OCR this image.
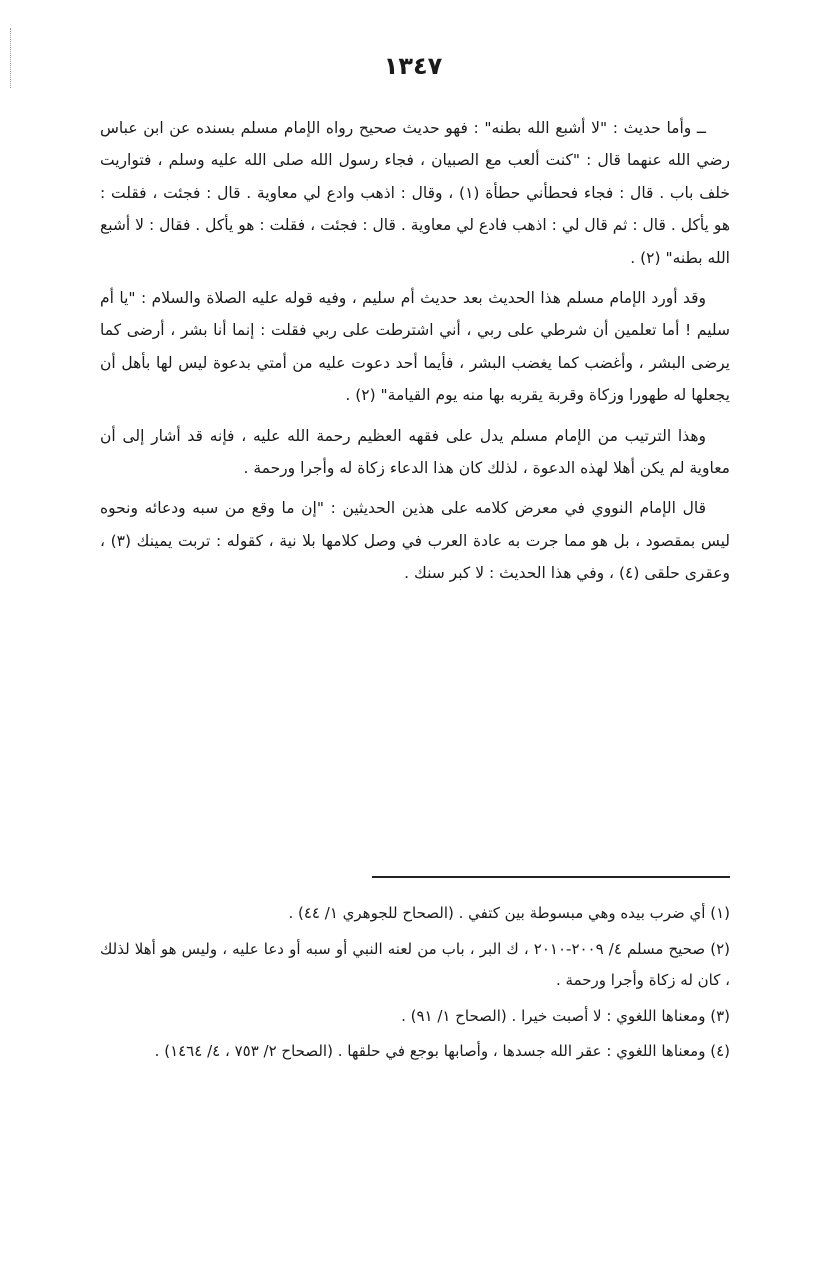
١٣٤٧

ــ وأما حديث : "لا أشبع الله بطنه" : فهو حديث صحيح رواه الإمام مسلم بسنده عن ابن عباس رضي الله عنهما قال : "كنت ألعب مع الصبيان ، فجاء رسول الله صلى الله عليه وسلم ، فتواريت خلف باب . قال : فجاء فحطأني حطأة (١) ، وقال : اذهب وادع لي معاوية . قال : فجئت ، فقلت : هو يأكل . قال : ثم قال لي : اذهب فادع لي معاوية . قال : فجئت ، فقلت : هو يأكل . فقال : لا أشبع الله بطنه" (٢) .

وقد أورد الإمام مسلم هذا الحديث بعد حديث أم سليم ، وفيه قوله عليه الصلاة والسلام : "يا أم سليم ! أما تعلمين أن شرطي على ربي ، أني اشترطت على ربي فقلت : إنما أنا بشر ، أرضى كما يرضى البشر ، وأغضب كما يغضب البشر ، فأيما أحد دعوت عليه من أمتي بدعوة ليس لها بأهل أن يجعلها له طهورا وزكاة وقربة يقربه بها منه يوم القيامة" (٢) .

وهذا الترتيب من الإمام مسلم يدل على فقهه العظيم رحمة الله عليه ، فإنه قد أشار إلى أن معاوية لم يكن أهلا لهذه الدعوة ، لذلك كان هذا الدعاء زكاة له وأجرا ورحمة .

قال الإمام النووي في معرض كلامه على هذين الحديثين : "إن ما وقع من سبه ودعائه ونحوه ليس بمقصود ، بل هو مما جرت به عادة العرب في وصل كلامها بلا نية ، كقوله : تربت يمينك (٣) ، وعقرى حلقى (٤) ، وفي هذا الحديث : لا كبر سنك .

(١) أي ضرب بيده وهي مبسوطة بين كتفي . (الصحاح للجوهري ١/ ٤٤) .

(٢) صحيح مسلم ٤/ ٢٠٠٩-٢٠١٠ ، ك البر ، باب من لعنه النبي أو سبه أو دعا عليه ، وليس هو أهلا لذلك ، كان له زكاة وأجرا ورحمة .

(٣) ومعناها اللغوي : لا أصبت خيرا . (الصحاح ١/ ٩١) .

(٤) ومعناها اللغوي : عقر الله جسدها ، وأصابها بوجع في حلقها . (الصحاح ٢/ ٧٥٣ ، ٤/ ١٤٦٤) .
